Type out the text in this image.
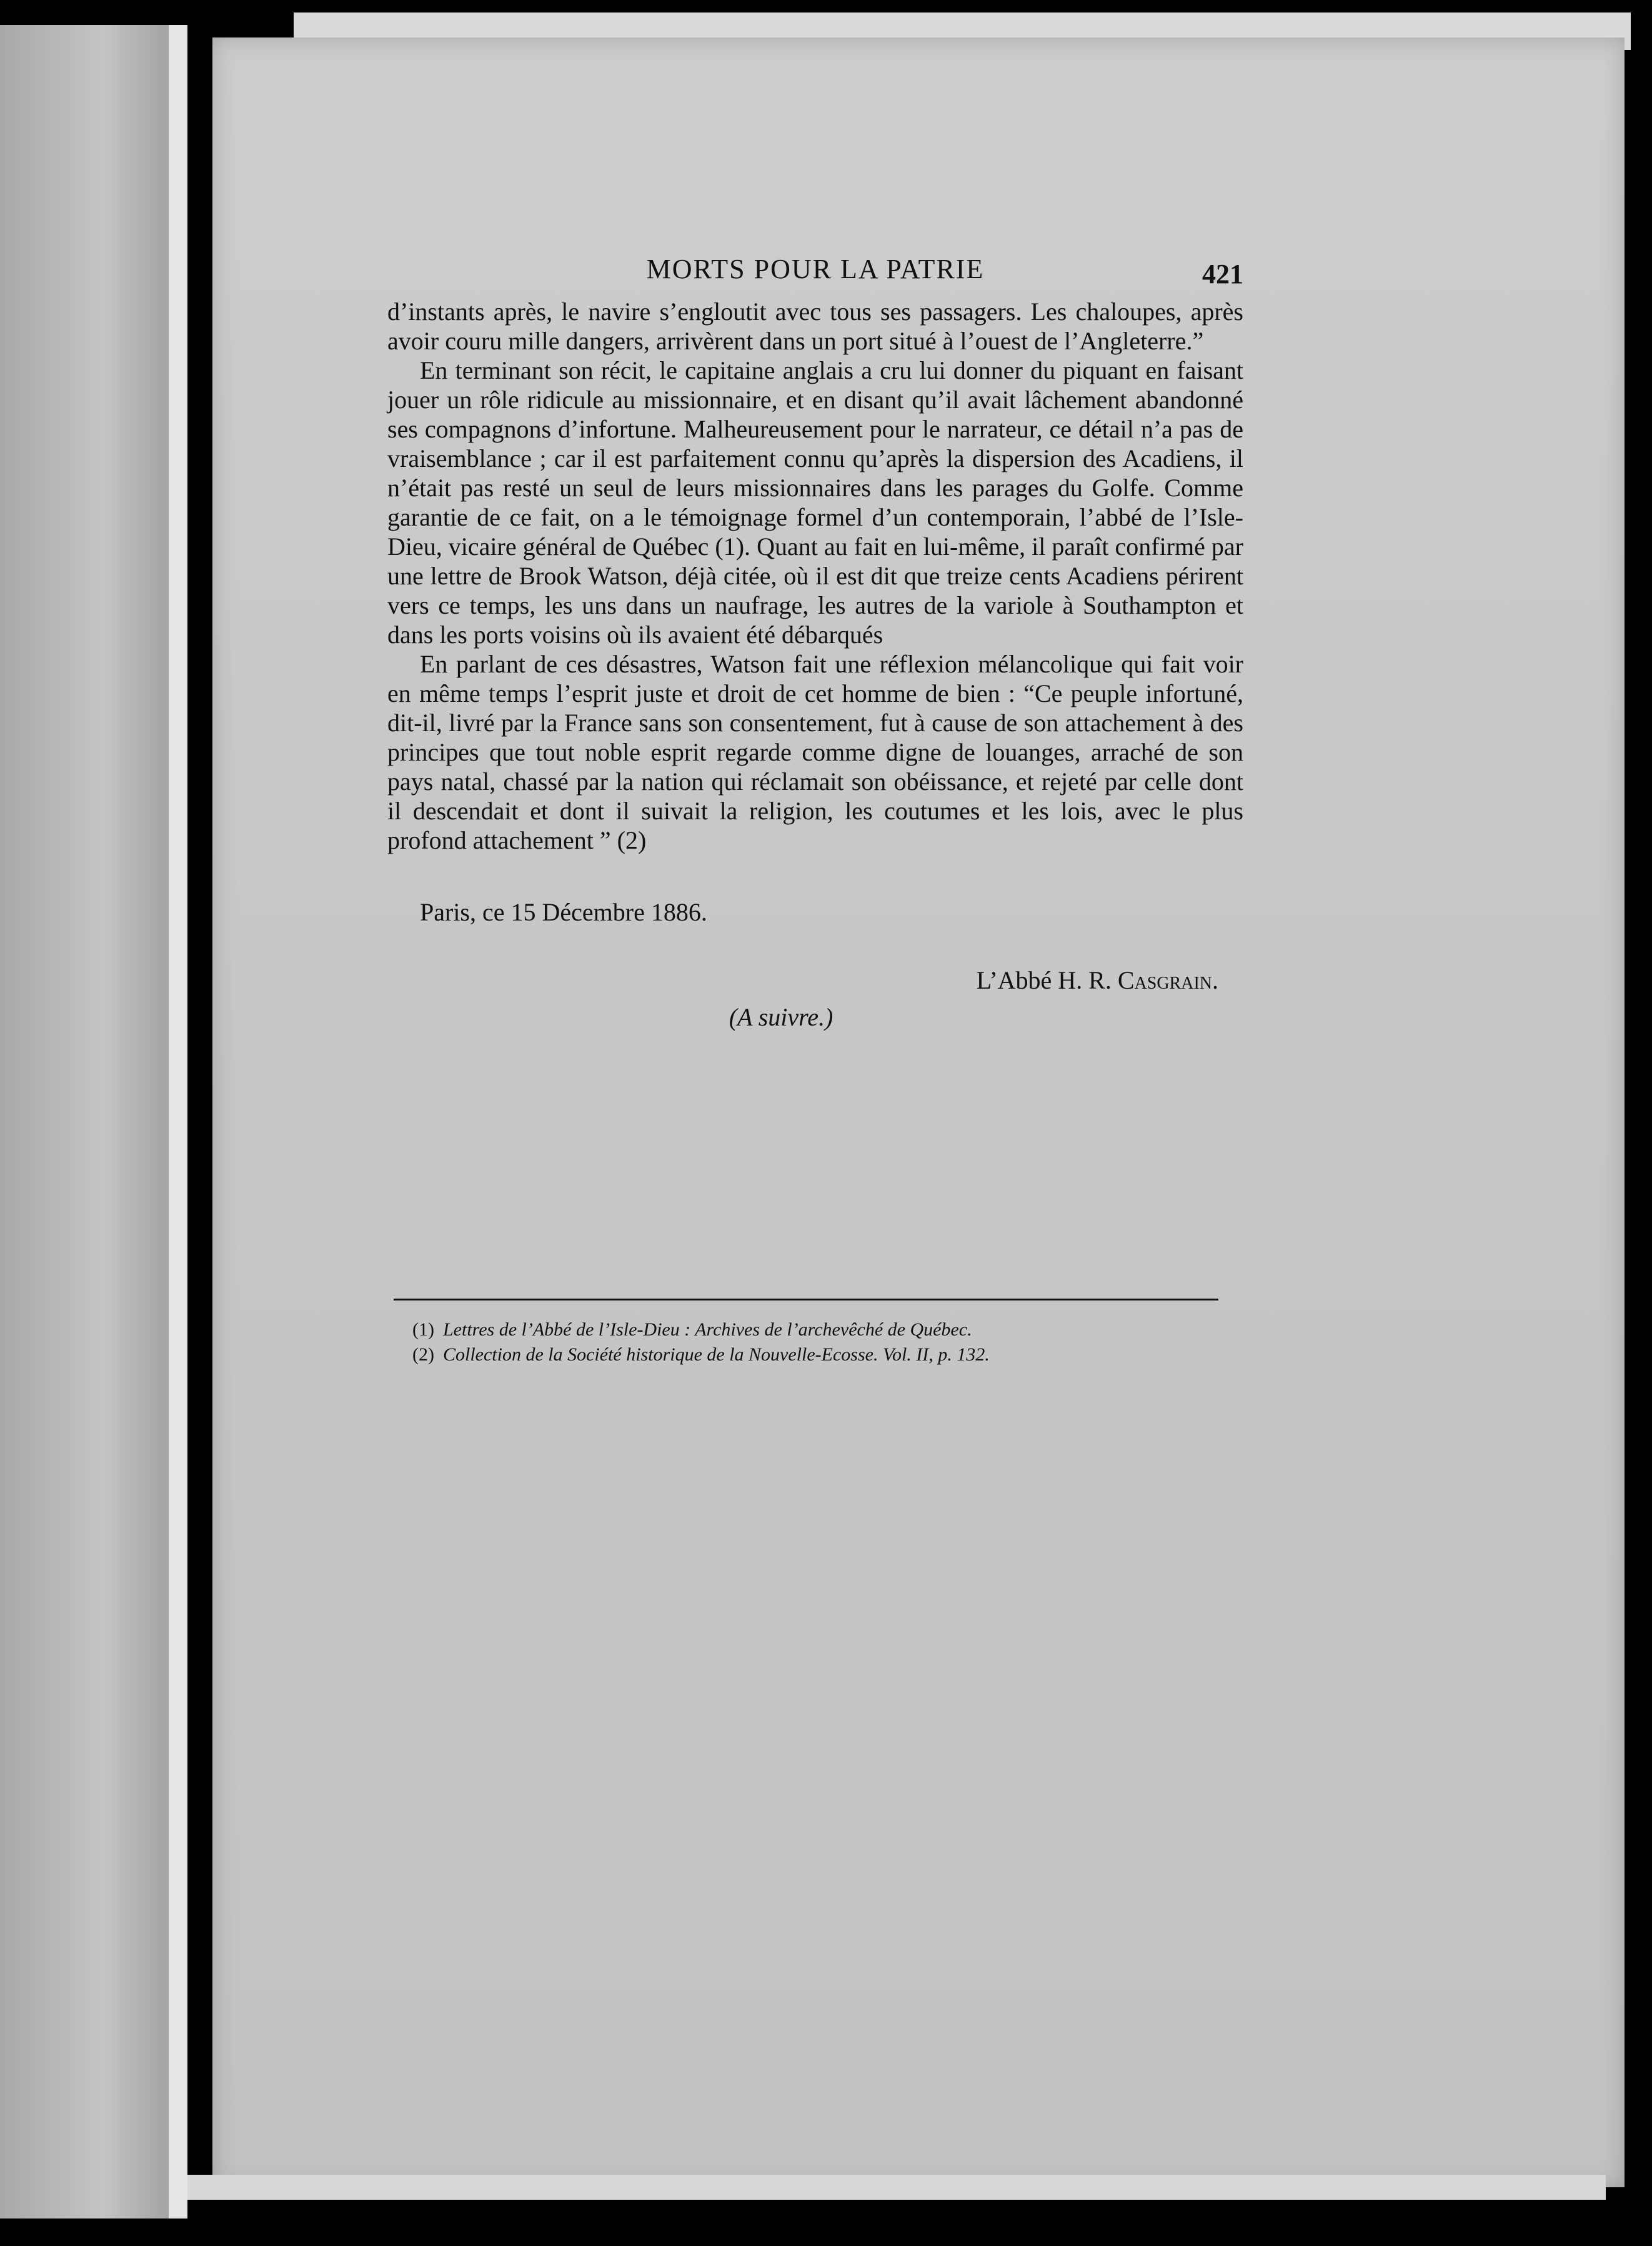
MORTS POUR LA PATRIE	421

d’instants après, le navire s’engloutit avec tous ses passagers. Les chaloupes, après avoir couru mille dangers, arrivèrent dans un port situé à l’ouest de l’Angleterre.”

En terminant son récit, le capitaine anglais a cru lui donner du piquant en faisant jouer un rôle ridicule au missionnaire, et en disant qu’il avait lâchement abandonné ses compagnons d’infortune. Malheureusement pour le narrateur, ce détail n’a pas de vraisemblance ; car il est parfaitement connu qu’après la dispersion des Acadiens, il n’était pas resté un seul de leurs missionnaires dans les parages du Golfe. Comme garantie de ce fait, on a le témoignage formel d’un contemporain, l’abbé de l’Isle-Dieu, vicaire général de Québec (1). Quant au fait en lui-même, il paraît confirmé par une lettre de Brook Watson, déjà citée, où il est dit que treize cents Acadiens périrent vers ce temps, les uns dans un naufrage, les autres de la variole à Southampton et dans les ports voisins où ils avaient été débarqués

En parlant de ces désastres, Watson fait une réflexion mélancolique qui fait voir en même temps l’esprit juste et droit de cet homme de bien : “Ce peuple infortuné, dit-il, livré par la France sans son consentement, fut à cause de son attachement à des principes que tout noble esprit regarde comme digne de louanges, arraché de son pays natal, chassé par la nation qui réclamait son obéissance, et rejeté par celle dont il descendait et dont il suivait la religion, les coutumes et les lois, avec le plus profond attachement ” (2)

Paris, ce 15 Décembre 1886.
L’Abbé H. R. Casgrain.
(A suivre.)
(1) Lettres de l’Abbé de l’Isle-Dieu : Archives de l’archevêché de Québec.
(2) Collection de la Société historique de la Nouvelle-Ecosse. Vol. II, p. 132.
